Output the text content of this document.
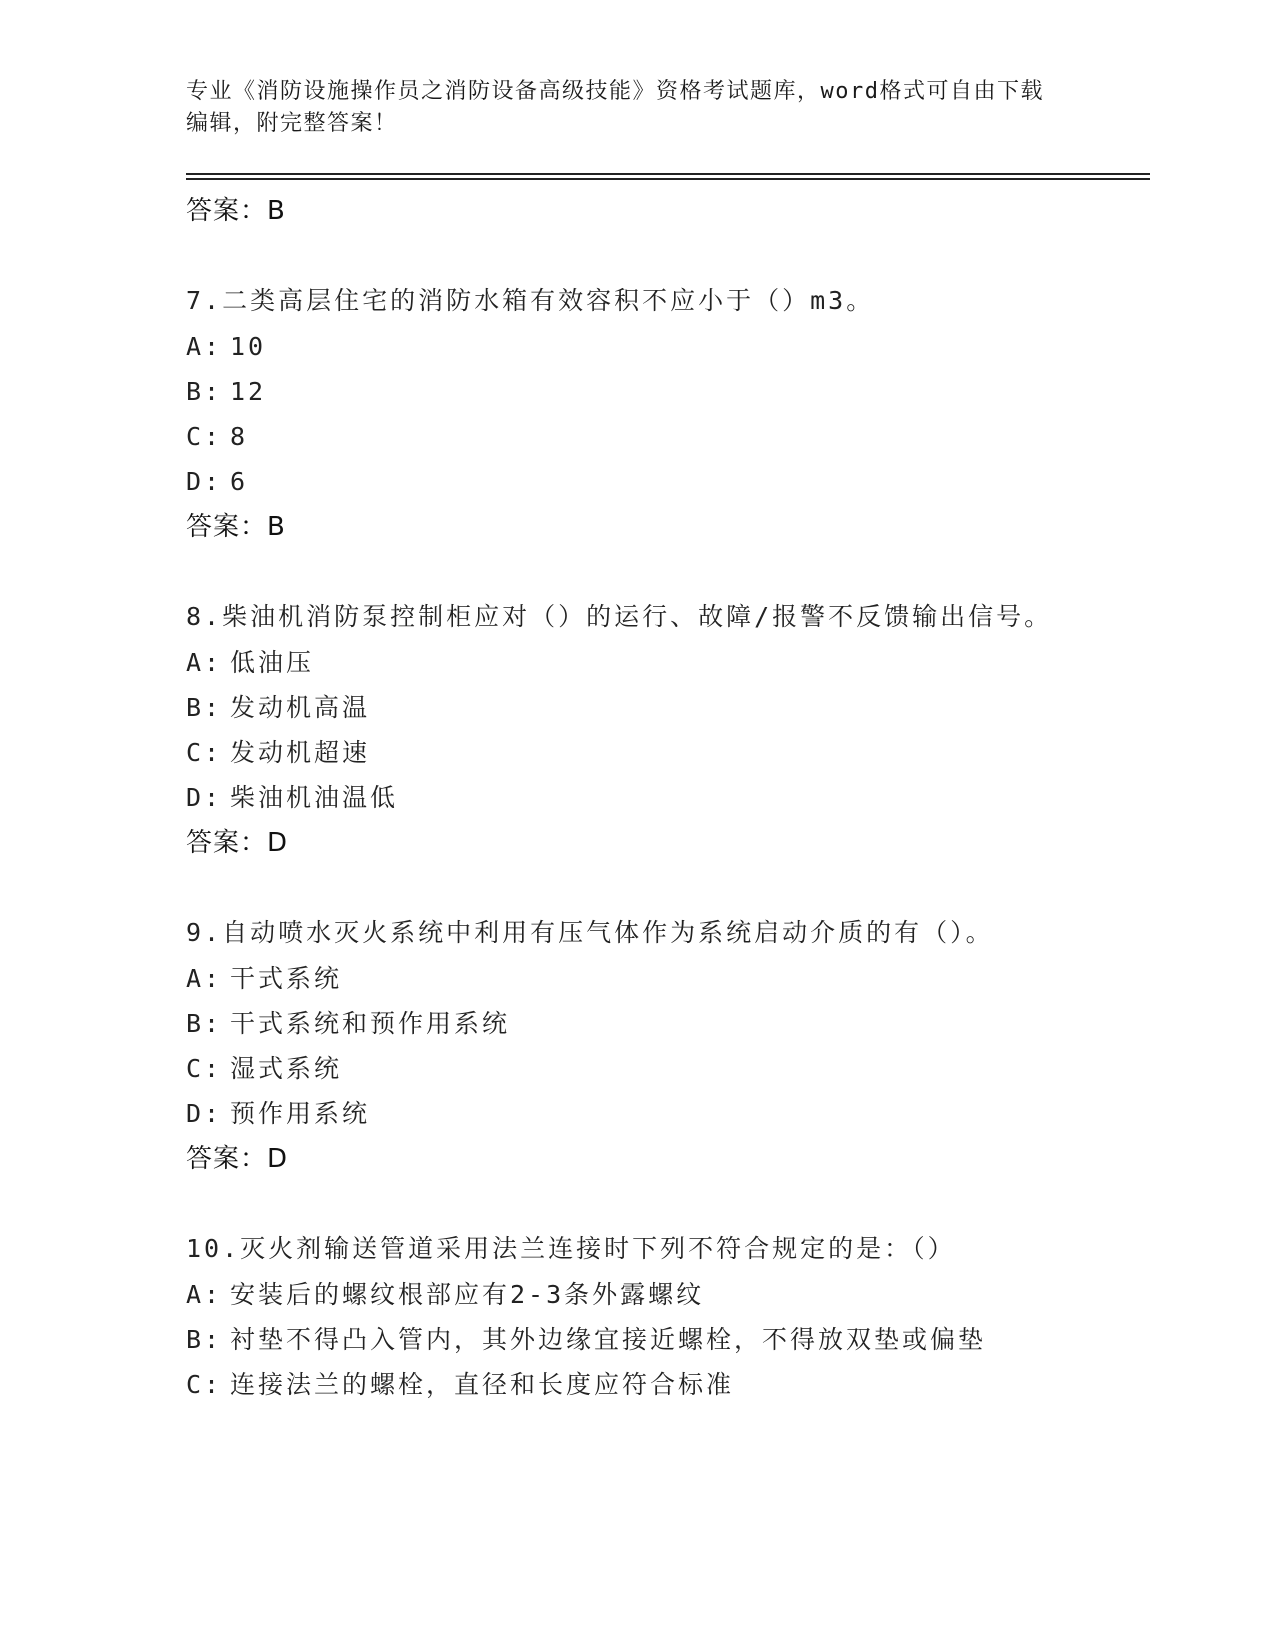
专业《消防设施操作员之消防设备高级技能》资格考试题库，word格式可自由下载编辑，附完整答案！
答案：B
7.二类高层住宅的消防水箱有效容积不应小于（）m3。
A: 10
B: 12
C: 8
D: 6
答案：B
8.柴油机消防泵控制柜应对（）的运行、故障/报警不反馈输出信号。
A: 低油压
B: 发动机高温
C: 发动机超速
D: 柴油机油温低
答案：D
9.自动喷水灭火系统中利用有压气体作为系统启动介质的有（）。
A: 干式系统
B: 干式系统和预作用系统
C: 湿式系统
D: 预作用系统
答案：D
10.灭火剂输送管道采用法兰连接时下列不符合规定的是：（）
A: 安装后的螺纹根部应有2-3条外露螺纹
B: 衬垫不得凸入管内，其外边缘宜接近螺栓，不得放双垫或偏垫
C: 连接法兰的螺栓，直径和长度应符合标准
